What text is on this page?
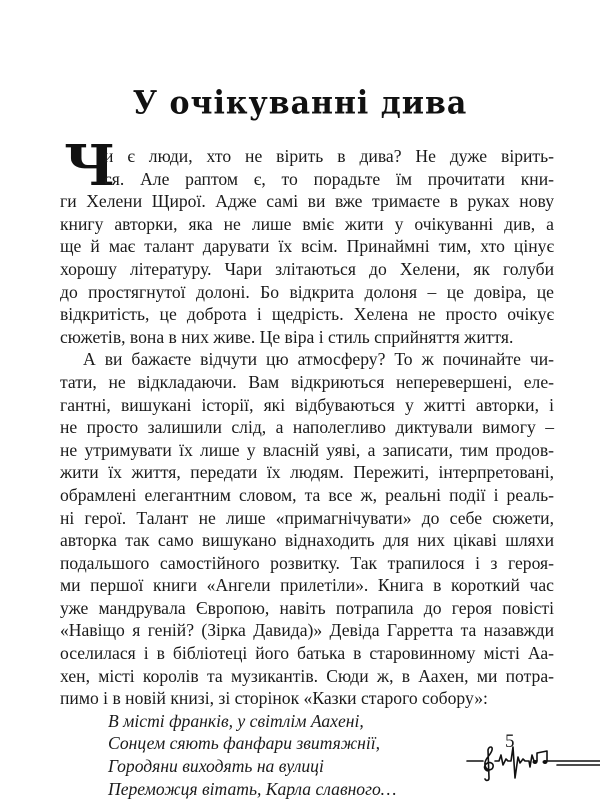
У очікуванні дива
Ч
и є люди, хто не вірить в дива? Не дуже вірить-
ся. Але раптом є, то порадьте їм прочитати кни-
ги Хелени Щирої. Адже самі ви вже тримаєте в руках нову
книгу авторки, яка не лише вміє жити у очікуванні див, а
ще й має талант дарувати їх всім. Принаймні тим, хто цінує
хорошу літературу. Чари злітаються до Хелени, як голуби
до простягнутої долоні. Бо відкрита долоня – це довіра, це
відкритість, це доброта і щедрість. Хелена не просто очікує
сюжетів, вона в них живе. Це віра і стиль сприйняття життя.
А ви бажаєте відчути цю атмосферу? То ж починайте чи-
тати, не відкладаючи. Вам відкриються неперевершені, еле-
гантні, вишукані історії, які відбуваються у житті авторки, і
не просто залишили слід, а наполегливо диктували вимогу –
не утримувати їх лише у власній уяві, а записати, тим продов-
жити їх життя, передати їх людям. Пережиті, інтерпретовані,
обрамлені елегантним словом, та все ж, реальні події і реаль-
ні герої. Талант не лише «примагнічувати» до себе сюжети,
авторка так само вишукано віднаходить для них цікаві шляхи
подальшого самостійного розвитку. Так трапилося і з героя-
ми першої книги «Ангели прилетіли». Книга в короткий час
уже мандрувала Європою, навіть потрапила до героя повісті
«Навіщо я геній? (Зірка Давида)» Девіда Гарретта та назавжди
оселилася і в бібліотеці його батька в старовинному місті Аа-
хен, місті королів та музикантів. Сюди ж, в Аахен, ми потра-
пимо і в новій книзі, зі сторінок «Казки старого собору»:
В місті франків, у світлім Аахені,
Сонцем сяють фанфари звитяжнії,
Городяни виходять на вулиці
Переможця вітать, Карла славного…
5
